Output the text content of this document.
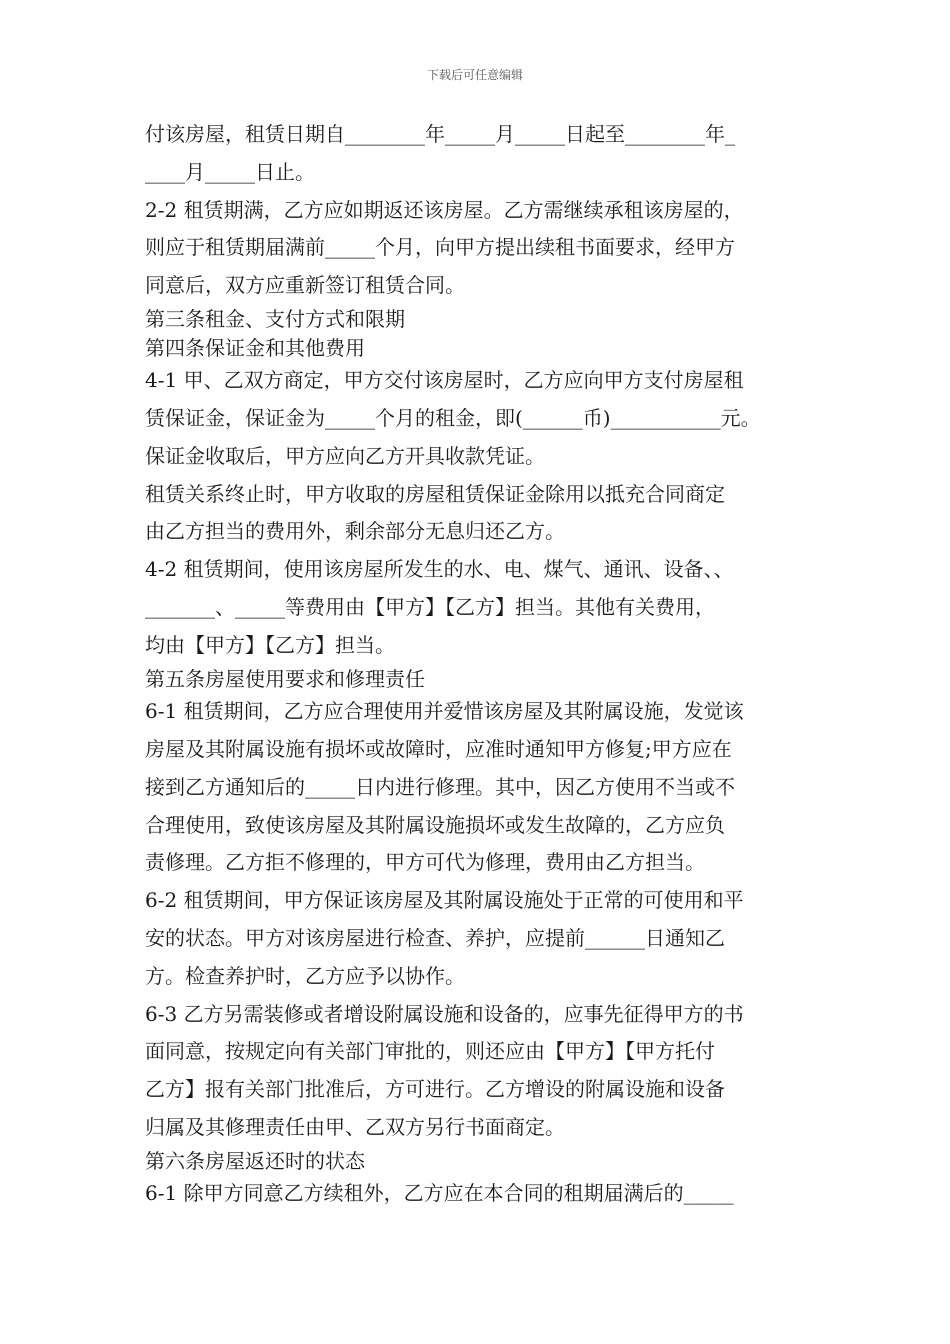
下载后可任意编辑
付该房屋，租赁日期自________年_____月_____日起至________年_
____月_____日止。
2-2 租赁期满，乙方应如期返还该房屋。乙方需继续承租该房屋的，
则应于租赁期届满前_____个月，向甲方提出续租书面要求，经甲方
同意后，双方应重新签订租赁合同。
第三条租金、支付方式和限期
第四条保证金和其他费用
4-1 甲、乙双方商定，甲方交付该房屋时，乙方应向甲方支付房屋租
赁保证金，保证金为_____个月的租金，即(______币)___________元。
保证金收取后，甲方应向乙方开具收款凭证。
租赁关系终止时，甲方收取的房屋租赁保证金除用以抵充合同商定
由乙方担当的费用外，剩余部分无息归还乙方。
4-2 租赁期间，使用该房屋所发生的水、电、煤气、通讯、设备、、
_______、_____等费用由【甲方】【乙方】担当。其他有关费用，
均由【甲方】【乙方】担当。
第五条房屋使用要求和修理责任
6-1 租赁期间，乙方应合理使用并爱惜该房屋及其附属设施，发觉该
房屋及其附属设施有损坏或故障时，应准时通知甲方修复;甲方应在
接到乙方通知后的_____日内进行修理。其中，因乙方使用不当或不
合理使用，致使该房屋及其附属设施损坏或发生故障的，乙方应负
责修理。乙方拒不修理的，甲方可代为修理，费用由乙方担当。
6-2 租赁期间，甲方保证该房屋及其附属设施处于正常的可使用和平
安的状态。甲方对该房屋进行检查、养护，应提前______日通知乙
方。检查养护时，乙方应予以协作。
6-3 乙方另需装修或者增设附属设施和设备的，应事先征得甲方的书
面同意，按规定向有关部门审批的，则还应由【甲方】【甲方托付
乙方】报有关部门批准后，方可进行。乙方增设的附属设施和设备
归属及其修理责任由甲、乙双方另行书面商定。
第六条房屋返还时的状态
6-1 除甲方同意乙方续租外，乙方应在本合同的租期届满后的_____
